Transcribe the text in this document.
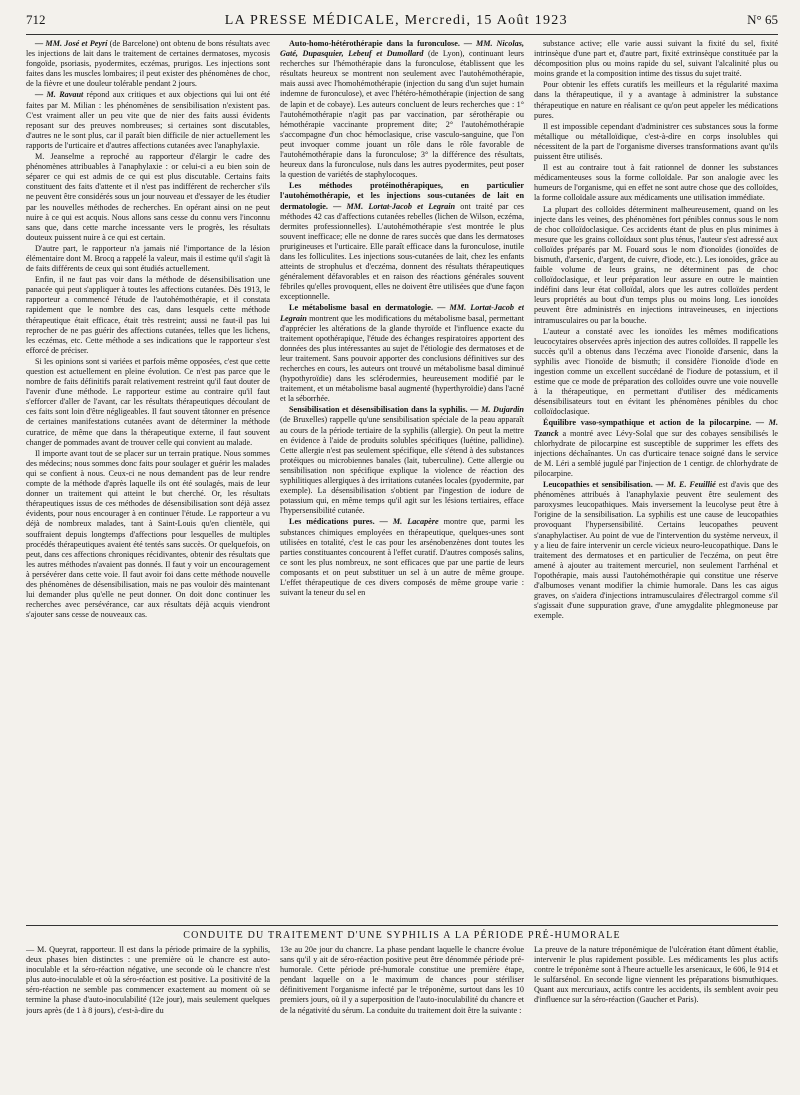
712	LA PRESSE MÉDICALE, Mercredi, 15 Août 1923	N° 65

— MM. José et Peyrí (de Barcelone) ont obtenu de bons résultats avec les injections de lait dans le traitement de certaines dermatoses, mycosis fongoïde, psoriasis, pyodermites, eczémas, prurigos. Les injections sont faites dans les muscles lombaires; il peut exister des phénomènes de choc, de la fièvre et une douleur tolérable pendant 2 jours.

— M. Ravaut répond aux critiques et aux objections qui lui ont été faites par M. Milian : les phénomènes de sensibilisation n'existent pas. C'est vraiment aller un peu vite que de nier des faits aussi évidents reposant sur des preuves nombreuses; si certaines sont discutables, d'autres ne le sont plus, car il paraît bien difficile de nier actuellement les rapports de l'urticaire et d'autres affections cutanées avec l'anaphylaxie.

M. Jeanselme a reproché au rapporteur d'élargir le cadre des phénomènes attribuables à l'anaphylaxie : or celui-ci a eu bien soin de séparer ce qui est admis de ce qui est plus discutable. Certains faits constituent des faits d'attente et il n'est pas indifférent de rechercher s'ils ne peuvent être considérés sous un jour nouveau et d'essayer de les étudier par les nouvelles méthodes de recherches. En opérant ainsi on ne peut nuire à ce qui est acquis. Nous allons sans cesse du connu vers l'inconnu sans que, dans cette marche incessante vers le progrès, les résultats douteux puissent nuire à ce qui est certain.

D'autre part, le rapporteur n'a jamais nié l'importance de la lésion élémentaire dont M. Brocq a rappelé la valeur, mais il estime qu'il s'agit là de faits différents de ceux qui sont étudiés actuellement.

Enfin, il ne faut pas voir dans la méthode de désensibilisation une panacée qui peut s'appliquer à toutes les affections cutanées. Dès 1913, le rapporteur a commencé l'étude de l'autohémothérapie, et il constata rapidement que le nombre des cas, dans lesquels cette méthode thérapeutique était efficace, était très restreint; aussi ne faut-il pas lui reprocher de ne pas guérir des affections cutanées, telles que les lichens, les eczémas, etc. Cette méthode a ses indications que le rapporteur s'est efforcé de préciser.

Si les opinions sont si variées et parfois même opposées, c'est que cette question est actuellement en pleine évolution. Ce n'est pas parce que le nombre de faits définitifs paraît relativement restreint qu'il faut douter de l'avenir d'une méthode. Le rapporteur estime au contraire qu'il faut s'efforcer d'aller de l'avant, car les résultats thérapeutiques découlant de ces faits sont loin d'être négligeables. Il faut souvent tâtonner en présence de certaines manifestations cutanées avant de déterminer la méthode curatrice, de même que dans la thérapeutique externe, il faut souvent changer de pommades avant de trouver celle qui convient au malade.

Il importe avant tout de se placer sur un terrain pratique. Nous sommes des médecins; nous sommes donc faits pour soulager et guérir les malades qui se confient à nous. Ceux-ci ne nous demandent pas de leur rendre compte de la méthode d'après laquelle ils ont été soulagés, mais de leur donner un traitement qui atteint le but cherché. Or, les résultats thérapeutiques issus de ces méthodes de désensibilisation sont déjà assez évidents, pour nous encourager à en continuer l'étude. Le rapporteur a vu déjà de nombreux malades, tant à Saint-Louis qu'en clientèle, qui souffraient depuis longtemps d'affections pour lesquelles de multiples procédés thérapeutiques avaient été tentés sans succès. Or quelquefois, on peut, dans ces affections chroniques récidivantes, obtenir des résultats que les autres méthodes n'avaient pas donnés. Il faut y voir un encouragement à persévérer dans cette voie. Il faut avoir foi dans cette méthode nouvelle des phénomènes de désensibilisation, mais ne pas vouloir dès maintenant lui demander plus qu'elle ne peut donner. On doit donc continuer les recherches avec persévérance, car aux résultats déjà acquis viendront s'ajouter sans cesse de nouveaux cas.

Auto-homo-hétérothérapie dans la furonculose. — MM. Nicolas, Gaté, Dupasquier, Lebeuf et Dumollard (de Lyon), continuant leurs recherches sur l'hémothérapie dans la furonculose, établissent que les résultats heureux se montrent non seulement avec l'autohémothérapie, mais aussi avec l'homohémothérapie (injection du sang d'un sujet humain indemne de furonculose), et avec l'hétéro-hémothérapie (injection de sang de lapin et de cobaye). Les auteurs concluent de leurs recherches que : 1° l'autohémothérapie n'agit pas par vaccination, par sérothérapie ou hémothérapie vaccinante proprement dite; 2° l'autohémothérapie s'accompagne d'un choc hémoclasique, crise vasculo-sanguine, que l'on peut invoquer comme jouant un rôle dans le rôle favorable de l'autohémothérapie dans la furonculose; 3° la différence des résultats, heureux dans la furonculose, nuls dans les autres pyodermites, peut poser la question de variétés de staphylocoques.

Les méthodes protéinothérapiques, en particulier l'autohémothérapie, et les injections sous-cutanées de lait en dermatologie. — MM. Lortat-Jacob et Legrain ont traité par ces méthodes 42 cas d'affections cutanées rebelles (lichen de Wilson, eczéma, dermites professionnelles). L'autohémothérapie s'est montrée le plus souvent inefficace; elle ne donne de rares succès que dans les dermatoses prurigineuses et l'urticaire. Elle paraît efficace dans la furonculose, inutile dans les folliculites. Les injections sous-cutanées de lait, chez les enfants atteints de strophulus et d'eczéma, donnent des résultats thérapeutiques généralement défavorables et en raison des réactions générales souvent fébriles qu'elles provoquent, elles ne doivent être utilisées que d'une façon exceptionnelle.

Le métabolisme basal en dermatologie. — MM. Lortat-Jacob et Legrain montrent que les modifications du métabolisme basal, permettant d'apprécier les altérations de la glande thyroïde et l'influence exacte du traitement opothérapique, l'étude des échanges respiratoires apportent des données des plus intéressantes au sujet de l'étiologie des dermatoses et de leur traitement. Sans pouvoir apporter des conclusions définitives sur des recherches en cours, les auteurs ont trouvé un métabolisme basal diminué (hypothyroïdie) dans les sclérodermies, heureusement modifié par le traitement, et un métabolisme basal augmenté (hyperthyroïdie) dans l'acné et la séborrhée.

Sensibilisation et désensibilisation dans la syphilis. — M. Dujardin (de Bruxelles) rappelle qu'une sensibilisation spéciale de la peau apparaît au cours de la période tertiaire de la syphilis (allergie). On peut la mettre en évidence à l'aide de produits solubles spécifiques (luétine, pallidine). Cette allergie n'est pas seulement spécifique, elle s'étend à des substances protéiques ou microbiennes banales (lait, tuberculine). Cette allergie ou sensibilisation non spécifique explique la violence de réaction des syphilitiques allergiques à des irritations cutanées locales (pyodermite, par exemple). La désensibilisation s'obtient par l'ingestion de iodure de potassium qui, en même temps qu'il agit sur les lésions tertiaires, efface l'hypersensibilité cutanée.

Les médications pures. — M. Lacapère montre que, parmi les substances chimiques employées en thérapeutique, quelques-unes sont utilisées en totalité, c'est le cas pour les arsénobenzènes dont toutes les parties constituantes concourent à l'effet curatif. D'autres composés salins, ce sont les plus nombreux, ne sont efficaces que par une partie de leurs composants et on peut substituer un sel à un autre de même groupe. L'effet thérapeutique de ces divers composés de même groupe varie : suivant la teneur du sel en

substance active; elle varie aussi suivant la fixité du sel, fixité intrinsèque d'une part et, d'autre part, fixité extrinsèque constituée par la décomposition plus ou moins rapide du sel, suivant l'alcalinité plus ou moins grande et la composition intime des tissus du sujet traité.

Pour obtenir les effets curatifs les meilleurs et la régularité maxima dans la thérapeutique, il y a avantage à administrer la substance thérapeutique en nature en réalisant ce qu'on peut appeler les médications pures.

Il est impossible cependant d'administrer ces substances sous la forme métallique ou métalloïdique, c'est-à-dire en corps insolubles qui nécessitent de la part de l'organisme diverses transformations avant qu'ils puissent être utilisés.

Il est au contraire tout à fait rationnel de donner les substances médicamenteuses sous la forme colloïdale. Par son analogie avec les humeurs de l'organisme, qui en effet ne sont autre chose que des colloïdes, la forme colloïdale assure aux médicaments une utilisation immédiate.

La plupart des colloïdes déterminent malheureusement, quand on les injecte dans les veines, des phénomènes fort pénibles connus sous le nom de choc colloïdoclasique. Ces accidents étant de plus en plus minimes à mesure que les grains colloïdaux sont plus ténus, l'auteur s'est adressé aux colloïdes préparés par M. Fouard sous le nom d'ionoïdes (ionoïdes de bismuth, d'arsenic, d'argent, de cuivre, d'iode, etc.). Les ionoïdes, grâce au faible volume de leurs grains, ne déterminent pas de choc colloïdoclasique, et leur préparation leur assure en outre le maintien indéfini dans leur état colloïdal, alors que les autres colloïdes perdent leurs propriétés au bout d'un temps plus ou moins long. Les ionoïdes peuvent être administrés en injections intraveineuses, en injections intramusculaires ou par la bouche.

L'auteur a constaté avec les ionoïdes les mêmes modifications leucocytaires observées après injection des autres colloïdes. Il rappelle les succès qu'il a obtenus dans l'eczéma avec l'ionoïde d'arsenic, dans la syphilis avec l'ionoïde de bismuth; il considère l'ionoïde d'iode en ingestion comme un excellent succédané de l'iodure de potassium, et il estime que ce mode de préparation des colloïdes ouvre une voie nouvelle à la thérapeutique, en permettant d'utiliser des médicaments désensibilisateurs tout en évitant les phénomènes pénibles du choc colloïdoclasique.

Équilibre vaso-sympathique et action de la pilocarpine. — M. Tzanck a montré avec Lévy-Solal que sur des cobayes sensibilisés le chlorhydrate de pilocarpine est susceptible de supprimer les effets des injections déchaînantes. Un cas d'urticaire tenace soigné dans le service de M. Léri a semblé jugulé par l'injection de 1 centigr. de chlorhydrate de pilocarpine.

Leucopathies et sensibilisation. — M. E. Feuillié est d'avis que des phénomènes attribués à l'anaphylaxie peuvent être seulement des paroxysmes leucopathiques. Mais inversement la leucolyse peut être à l'origine de la sensibilisation. La syphilis est une cause de leucopathies provoquant l'hypersensibilité. Certains leucopathes peuvent s'anaphylactiser. Au point de vue de l'intervention du système nerveux, il y a lieu de faire intervenir un cercle vicieux neuro-leucopathique. Dans le traitement des dermatoses et en particulier de l'eczéma, on peut être amené à ajouter au traitement mercuriel, non seulement l'arrhénal et l'opothérapie, mais aussi l'autohémothérapie qui constitue une réserve d'albumoses venant modifier la chimie humorale. Dans les cas aigus graves, on s'aidera d'injections intramusculaires d'électrargol comme s'il s'agissait d'une suppuration grave, d'une amygdalite phlegmoneuse par exemple.

CONDUITE DU TRAITEMENT D'UNE SYPHILIS A LA PÉRIODE PRÉ-HUMORALE

— M. Queyrat, rapporteur. Il est dans la période primaire de la syphilis, deux phases bien distinctes : une première où le chancre est auto-inoculable et la séro-réaction négative, une seconde où le chancre n'est plus auto-inoculable et où la séro-réaction est positive. La positivité de la séro-réaction ne semble pas commencer exactement au moment où se termine la phase d'auto-inoculabilité (12e jour), mais seulement quelques jours après (de 1 à 8 jours), c'est-à-dire du

13e au 20e jour du chancre. La phase pendant laquelle le chancre évolue sans qu'il y ait de séro-réaction positive peut être dénommée période pré-humorale. Cette période pré-humorale constitue une première étape, pendant laquelle on a le maximum de chances pour stériliser définitivement l'organisme infecté par le tréponème, surtout dans les 10 premiers jours, où il y a superposition de l'auto-inoculabilité du chancre et de la négativité du sérum. La conduite du traitement doit être la suivante :

La preuve de la nature tréponémique de l'ulcération étant dûment établie, intervenir le plus rapidement possible. Les médicaments les plus actifs contre le tréponème sont à l'heure actuelle les arsenicaux, le 606, le 914 et le sulfarsénol. En seconde ligne viennent les préparations bismuthiques. Quant aux mercuriaux, actifs contre les accidents, ils semblent avoir peu d'influence sur la séro-réaction (Gaucher et Paris).
